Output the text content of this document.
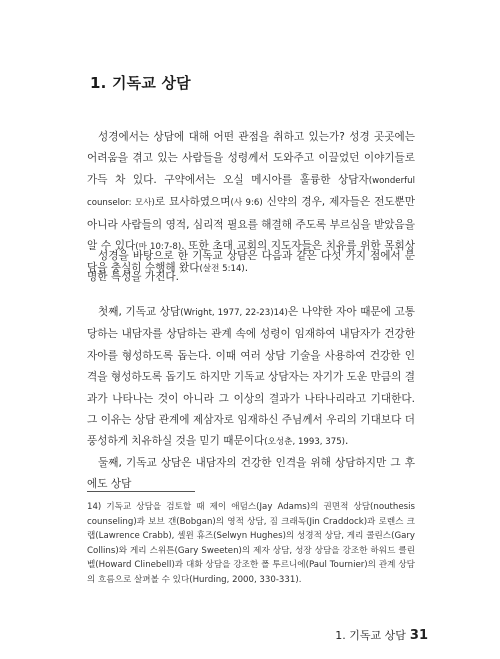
1. 기독교 상담
성경에서는 상담에 대해 어떤 관점을 취하고 있는가? 성경 곳곳에는 어려움을 겪고 있는 사람들을 성령께서 도와주고 이끌었던 이야기들로 가득 차 있다. 구약에서는 오실 메시아를 훌륭한 상담자(wonderful counselor: 모사)로 묘사하였으며(사 9:6) 신약의 경우, 제자들은 전도뿐만 아니라 사람들의 영적, 심리적 필요를 해결해 주도록 부르심을 받았음을 알 수 있다(마 10:7-8). 또한 초대 교회의 지도자들은 치유를 위한 목회상담을 충실히 수행해 왔다(살전 5:14).
성경을 바탕으로 한 기독교 상담은 다음과 같은 다섯 가지 점에서 분명한 특성을 가진다.
첫째, 기독교 상담(Wright, 1977, 22-23)14)은 나약한 자아 때문에 고통당하는 내담자를 상담하는 관계 속에 성령이 임재하여 내담자가 건강한 자아를 형성하도록 돕는다. 이때 여러 상담 기술을 사용하여 건강한 인격을 형성하도록 돕기도 하지만 기독교 상담자는 자기가 도운 만큼의 결과가 나타나는 것이 아니라 그 이상의 결과가 나타나리라고 기대한다. 그 이유는 상담 관계에 제삼자로 임재하신 주님께서 우리의 기대보다 더 풍성하게 치유하실 것을 믿기 때문이다(오성춘, 1993, 375).
둘째, 기독교 상담은 내담자의 건강한 인격을 위해 상담하지만 그 후에도 상담
14) 기독교 상담을 검토할 때 제이 애덤스(Jay Adams)의 권면적 상담(nouthesis counseling)과 보브 갠(Bobgan)의 영적 상담, 짐 크래독(Jin Craddock)과 로렌스 크랩(Lawrence Crabb), 셀윈 휴즈(Selwyn Hughes)의 성경적 상담, 게리 콜린스(Gary Collins)와 게리 스위튼(Gary Sweeten)의 제자 상담, 성장 상담을 강조한 하워드 클린벨(Howard Clinebell)과 대화 상담을 강조한 폴 투르니에(Paul Tournier)의 관계 상담의 흐름으로 살펴볼 수 있다(Hurding, 2000, 330-331).
1. 기독교 상담 31
